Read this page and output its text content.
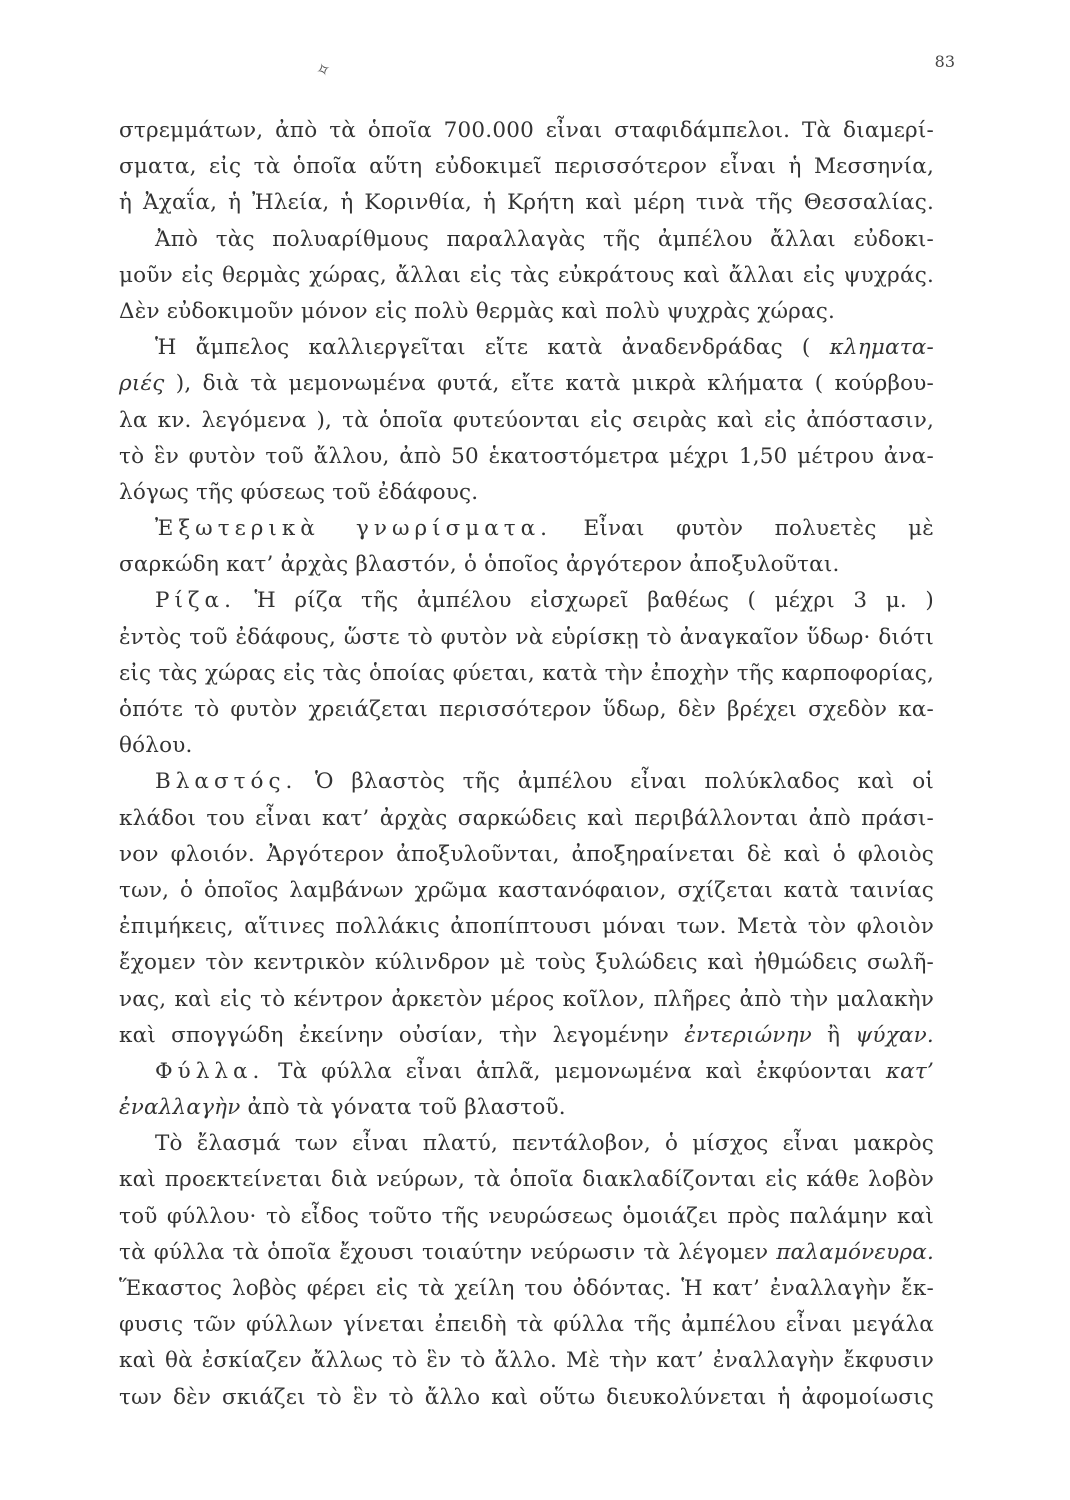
83
✧
στρεμμάτων, ἀπὸ τὰ ὁποῖα 700.000 εἶναι σταφιδάμπελοι. Τὰ διαμερί-
σματα, εἰς τὰ ὁποῖα αὕτη εὐδοκιμεῖ περισσότερον εἶναι ἡ Μεσσηνία,
ἡ Ἀχαΐα, ἡ Ἠλεία, ἡ Κορινθία, ἡ Κρήτη καὶ μέρη τινὰ τῆς Θεσσαλίας.
Ἀπὸ τὰς πολυαρίθμους παραλλαγὰς τῆς ἀμπέλου ἄλλαι εὐδοκι-
μοῦν εἰς θερμὰς χώρας, ἄλλαι εἰς τὰς εὐκράτους καὶ ἄλλαι εἰς ψυχράς.
Δὲν εὐδοκιμοῦν μόνον εἰς πολὺ θερμὰς καὶ πολὺ ψυχρὰς χώρας.
Ἡ ἄμπελος καλλιεργεῖται εἴτε κατὰ ἀναδενδράδας ( κληματα-
ριές ), διὰ τὰ μεμονωμένα φυτά, εἴτε κατὰ μικρὰ κλήματα ( κούρβου-
λα κν. λεγόμενα ), τὰ ὁποῖα φυτεύονται εἰς σειρὰς καὶ εἰς ἀπόστασιν,
τὸ ἓν φυτὸν τοῦ ἄλλου, ἀπὸ 50 ἑκατοστόμετρα μέχρι 1,50 μέτρου ἀνα-
λόγως τῆς φύσεως τοῦ ἐδάφους.
Ἐξωτερικὰ γνωρίσματα. Εἶναι φυτὸν πολυετὲς μὲ
σαρκώδη κατ’ ἀρχὰς βλαστόν, ὁ ὁποῖος ἀργότερον ἀποξυλοῦται.
Ρίζα. Ἡ ρίζα τῆς ἀμπέλου εἰσχωρεῖ βαθέως ( μέχρι 3 μ. )
ἐντὸς τοῦ ἐδάφους, ὥστε τὸ φυτὸν νὰ εὑρίσκῃ τὸ ἀναγκαῖον ὕδωρ· διότι
εἰς τὰς χώρας εἰς τὰς ὁποίας φύεται, κατὰ τὴν ἐποχὴν τῆς καρποφορίας,
ὁπότε τὸ φυτὸν χρειάζεται περισσότερον ὕδωρ, δὲν βρέχει σχεδὸν κα-
θόλου.
Βλαστός. Ὁ βλαστὸς τῆς ἀμπέλου εἶναι πολύκλαδος καὶ οἱ
κλάδοι του εἶναι κατ’ ἀρχὰς σαρκώδεις καὶ περιβάλλονται ἀπὸ πράσι-
νον φλοιόν. Ἀργότερον ἀποξυλοῦνται, ἀποξηραίνεται δὲ καὶ ὁ φλοιὸς
των, ὁ ὁποῖος λαμβάνων χρῶμα καστανόφαιον, σχίζεται κατὰ ταινίας
ἐπιμήκεις, αἵτινες πολλάκις ἀποπίπτουσι μόναι των. Μετὰ τὸν φλοιὸν
ἔχομεν τὸν κεντρικὸν κύλινδρον μὲ τοὺς ξυλώδεις καὶ ἠθμώδεις σωλῆ-
νας, καὶ εἰς τὸ κέντρον ἀρκετὸν μέρος κοῖλον, πλῆρες ἀπὸ τὴν μαλακὴν
καὶ σπογγώδη ἐκείνην οὐσίαν, τὴν λεγομένην ἐντεριώνην ἢ ψύχαν.
Φύλλα. Τὰ φύλλα εἶναι ἁπλᾶ, μεμονωμένα καὶ ἐκφύονται κατ’
ἐναλλαγὴν ἀπὸ τὰ γόνατα τοῦ βλαστοῦ.
Τὸ ἔλασμά των εἶναι πλατύ, πεντάλοβον, ὁ μίσχος εἶναι μακρὸς
καὶ προεκτείνεται διὰ νεύρων, τὰ ὁποῖα διακλαδίζονται εἰς κάθε λοβὸν
τοῦ φύλλου· τὸ εἶδος τοῦτο τῆς νευρώσεως ὁμοιάζει πρὸς παλάμην καὶ
τὰ φύλλα τὰ ὁποῖα ἔχουσι τοιαύτην νεύρωσιν τὰ λέγομεν παλαμόνευρα.
Ἕκαστος λοβὸς φέρει εἰς τὰ χείλη του ὀδόντας. Ἡ κατ’ ἐναλλαγὴν ἔκ-
φυσις τῶν φύλλων γίνεται ἐπειδὴ τὰ φύλλα τῆς ἀμπέλου εἶναι μεγάλα
καὶ θὰ ἐσκίαζεν ἄλλως τὸ ἓν τὸ ἄλλο. Μὲ τὴν κατ’ ἐναλλαγὴν ἔκφυσιν
των δὲν σκιάζει τὸ ἓν τὸ ἄλλο καὶ οὕτω διευκολύνεται ἡ ἀφομοίωσις
